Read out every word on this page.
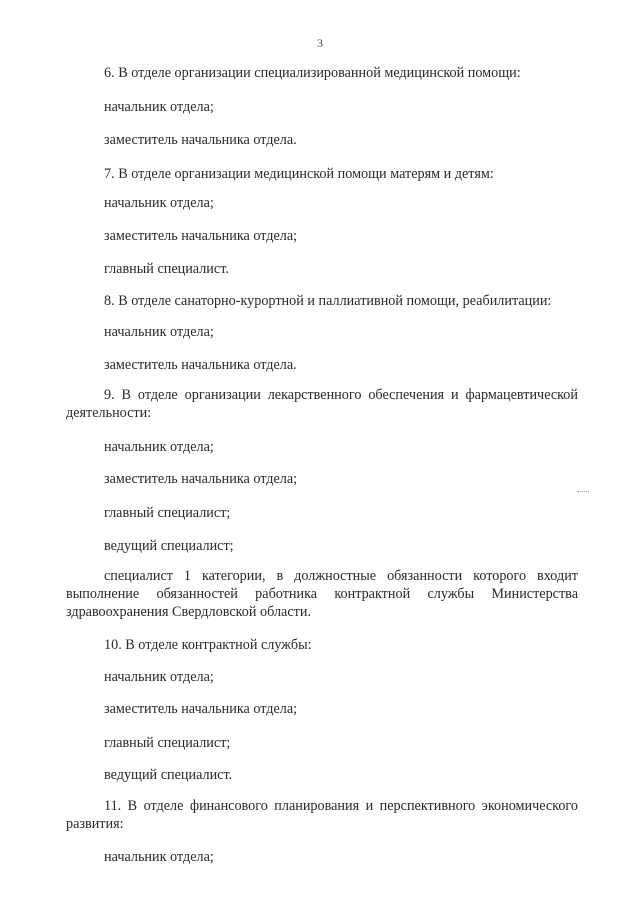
3
6. В отделе организации специализированной медицинской помощи:
начальник отдела;
заместитель начальника отдела.
7. В отделе организации медицинской помощи матерям и детям:
начальник отдела;
заместитель начальника отдела;
главный специалист.
8. В отделе санаторно-курортной и паллиативной помощи, реабилитации:
начальник отдела;
заместитель начальника отдела.
9. В отделе организации лекарственного обеспечения и фармацевтической деятельности:
начальник отдела;
заместитель начальника отдела;
главный специалист;
ведущий специалист;
специалист 1 категории, в должностные обязанности которого входит выполнение обязанностей работника контрактной службы Министерства здравоохранения Свердловской области.
10. В отделе контрактной службы:
начальник отдела;
заместитель начальника отдела;
главный специалист;
ведущий специалист.
11. В отделе финансового планирования и перспективного экономического развития:
начальник отдела;
